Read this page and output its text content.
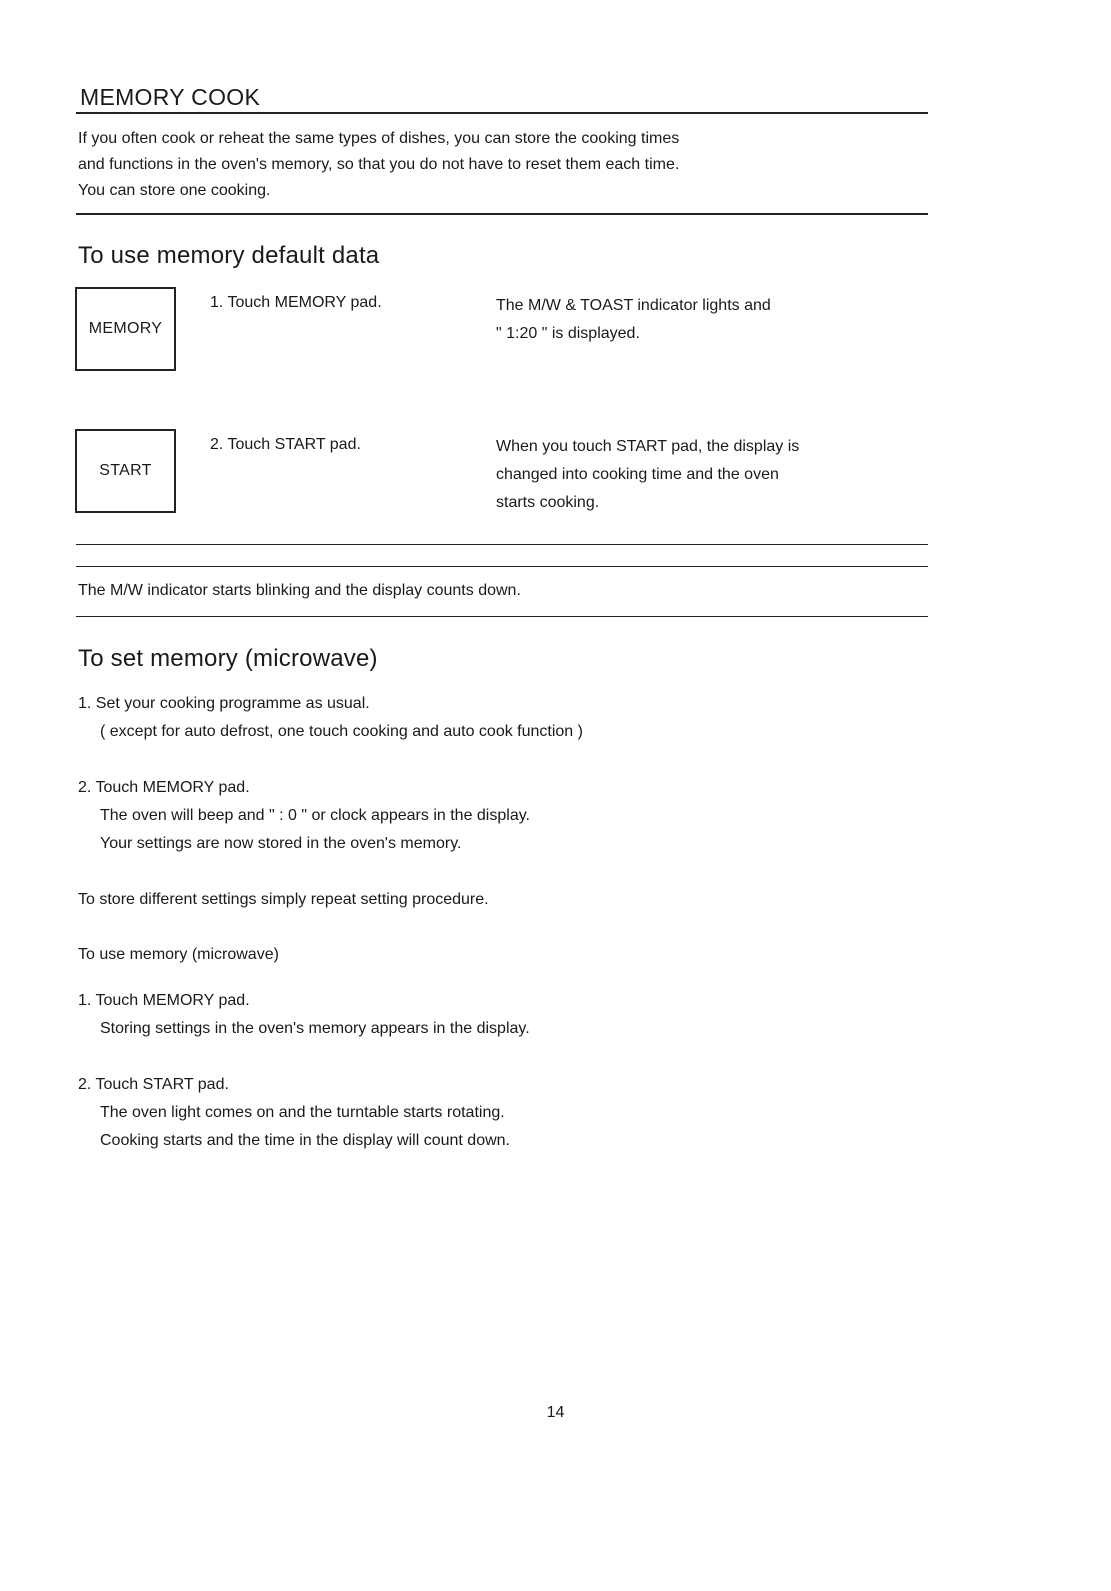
MEMORY COOK
If you often cook or reheat the same types of dishes, you can store the cooking times
and functions in the oven's memory, so that you do not have to reset them each time.
You can store one cooking.
To use memory default data
MEMORY
1. Touch MEMORY pad.	The M/W & TOAST indicator lights and
" 1:20 " is displayed.
START
2. Touch START pad.	When you touch START pad, the display is
changed into cooking time and the oven
starts cooking.
The M/W indicator starts blinking and the display counts down.
To set memory (microwave)
1. Set your cooking programme as usual.
( except for auto defrost, one touch cooking and auto cook function )
2. Touch MEMORY pad.
The oven will beep and " : 0 " or clock appears in the display.
Your settings are now stored in the oven's memory.
To store different settings simply repeat setting procedure.
To use memory (microwave)
1. Touch MEMORY pad.
Storing settings in the oven's memory appears in the display.
2. Touch START pad.
The oven light comes on and the turntable starts rotating.
Cooking starts and the time in the display will count down.
14
